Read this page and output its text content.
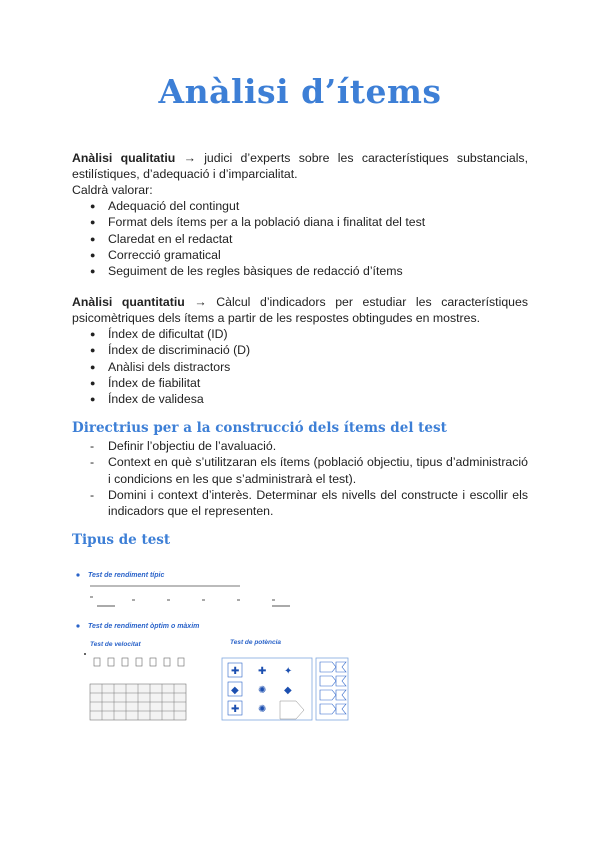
Anàlisi d’ítems

Anàlisi qualitatiu → judici d’experts sobre les característiques substancials, estilístiques, d’adequació i d’imparcialitat.

Caldrà valorar:

● Adequació del contingut
● Format dels ítems per a la població diana i finalitat del test
● Claredat en el redactat
● Correcció gramatical
● Seguiment de les regles bàsiques de redacció d’ítems

Anàlisi quantitatiu → Càlcul d’indicadors per estudiar les característiques psicomètriques dels ítems a partir de les respostes obtingudes en mostres.

● Índex de dificultat (ID)
● Índex de discriminació (D)
● Anàlisi dels distractors
● Índex de fiabilitat
● Índex de validesa
Directrius per a la construcció dels ítems del test
- Definir l’objectiu de l’avaluació.
- Context en què s’utilitzaran els ítems (població objectiu, tipus d’administració i condicions en les que s’administrarà el test).
- Domini i context d’interès. Determinar els nivells del constructe i escollir els indicadors que el representen.
Tipus de test
Test de rendiment típic
Test de rendiment òptim o màxim
Test de velocitat	Test de potència
✚ ✚ ✦
◆ ✺ ◆
✚ ✺
